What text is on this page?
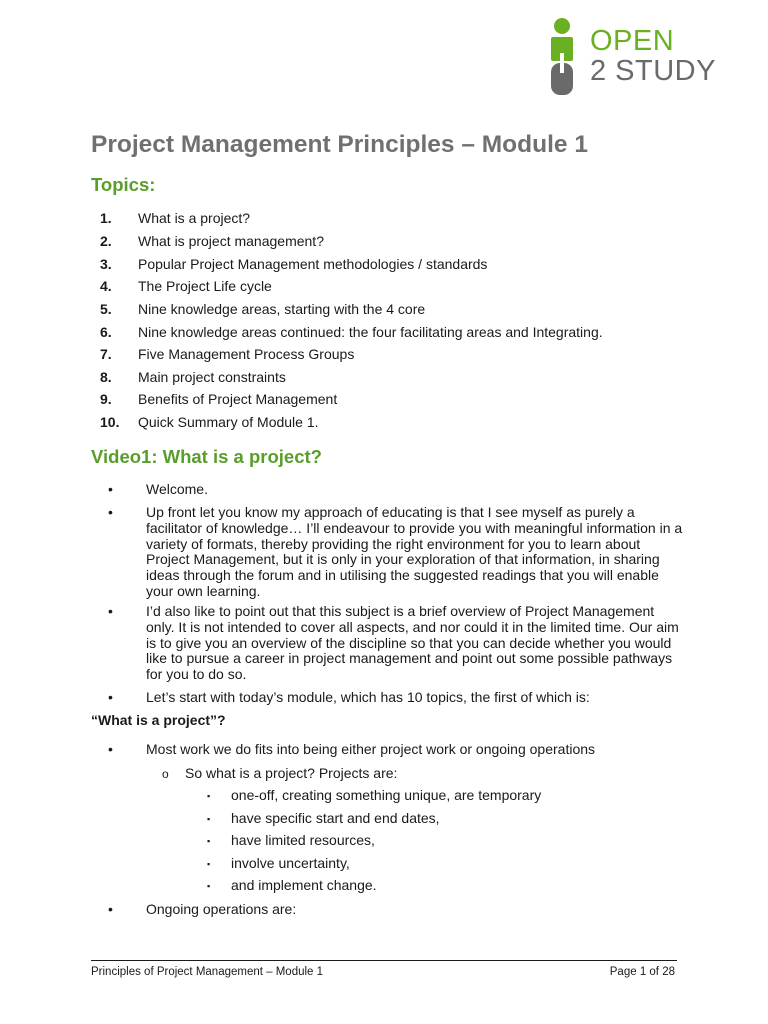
OPEN
2 STUDY
Project Management Principles – Module 1
Topics:
1. What is a project?
2. What is project management?
3. Popular Project Management methodologies / standards
4. The Project Life cycle
5. Nine knowledge areas, starting with the 4 core
6. Nine knowledge areas continued: the four facilitating areas and Integrating.
7. Five Management Process Groups
8. Main project constraints
9. Benefits of Project Management
10. Quick Summary of Module 1.
Video1: What is a project?
• Welcome.
• Up front let you know my approach of educating is that I see myself as purely a facilitator of knowledge… I’ll endeavour to provide you with meaningful information in a variety of formats, thereby providing the right environment for you to learn about Project Management, but it is only in your exploration of that information, in sharing ideas through the forum and in utilising the suggested readings that you will enable your own learning.
• I’d also like to point out that this subject is a brief overview of Project Management only. It is not intended to cover all aspects, and nor could it in the limited time. Our aim is to give you an overview of the discipline so that you can decide whether you would like to pursue a career in project management and point out some possible pathways for you to do so.
• Let’s start with today’s module, which has 10 topics, the first of which is:
“What is a project”?
• Most work we do fits into being either project work or ongoing operations
o So what is a project? Projects are:
▪ one-off, creating something unique, are temporary
▪ have specific start and end dates,
▪ have limited resources,
▪ involve uncertainty,
▪ and implement change.
• Ongoing operations are:
Principles of Project Management – Module 1	Page 1 of 28
